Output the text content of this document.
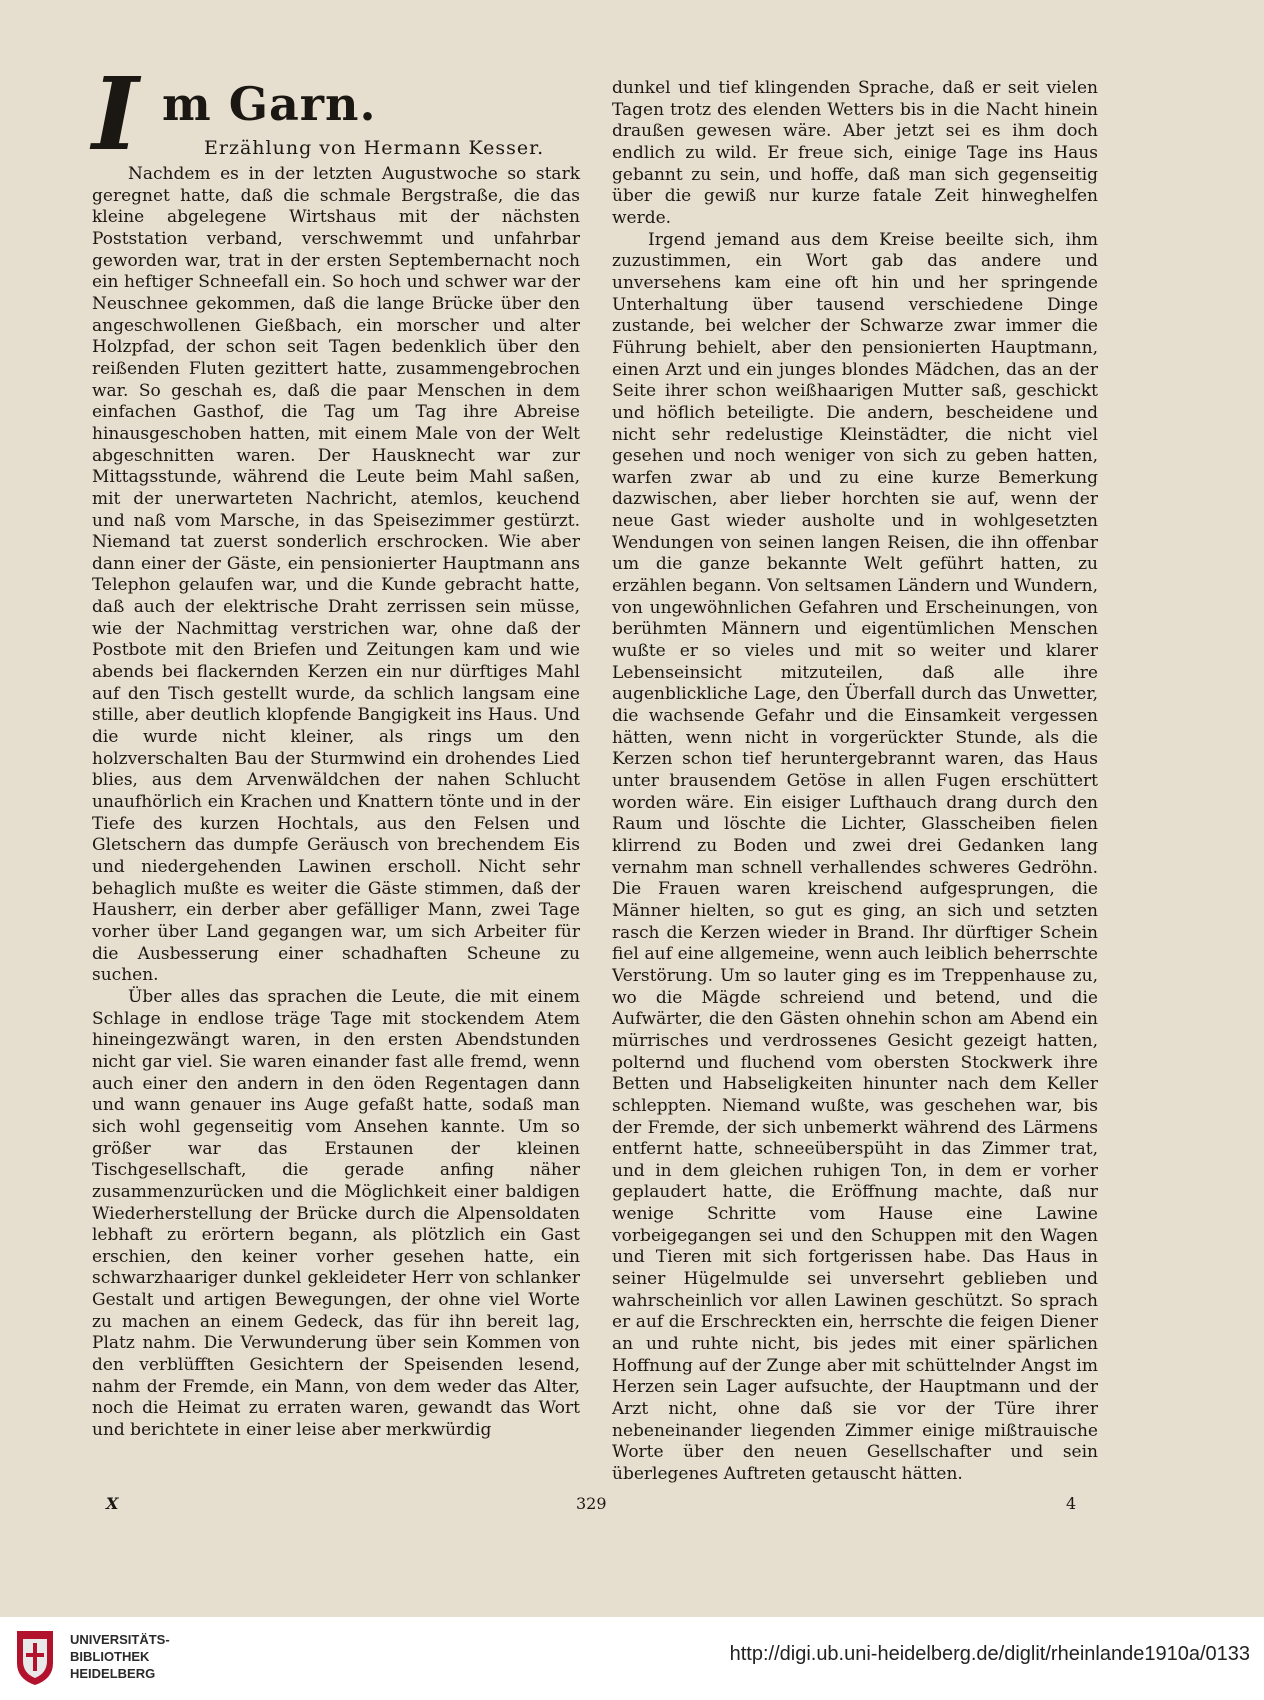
I m Garn.
Erzählung von Hermann Kesser.

Nachdem es in der letzten Augustwoche so stark geregnet hatte, daß die schmale Bergstraße, die das kleine abgelegene Wirtshaus mit der nächsten Poststation verband, verschwemmt und unfahrbar geworden war, trat in der ersten Septembernacht noch ein heftiger Schneefall ein. So hoch und schwer war der Neuschnee gekommen, daß die lange Brücke über den angeschwollenen Gießbach, ein morscher und alter Holzpfad, der schon seit Tagen bedenklich über den reißenden Fluten gezittert hatte, zusammengebrochen war. So geschah es, daß die paar Menschen in dem einfachen Gasthof, die Tag um Tag ihre Abreise hinausgeschoben hatten, mit einem Male von der Welt abgeschnitten waren. Der Hausknecht war zur Mittagsstunde, während die Leute beim Mahl saßen, mit der unerwarteten Nachricht, atemlos, keuchend und naß vom Marsche, in das Speisezimmer gestürzt. Niemand tat zuerst sonderlich erschrocken. Wie aber dann einer der Gäste, ein pensionierter Hauptmann ans Telephon gelaufen war, und die Kunde gebracht hatte, daß auch der elektrische Draht zerrissen sein müsse, wie der Nachmittag verstrichen war, ohne daß der Postbote mit den Briefen und Zeitungen kam und wie abends bei flackernden Kerzen ein nur dürftiges Mahl auf den Tisch gestellt wurde, da schlich langsam eine stille, aber deutlich klopfende Bangigkeit ins Haus. Und die wurde nicht kleiner, als rings um den holzverschalten Bau der Sturmwind ein drohendes Lied blies, aus dem Arvenwäldchen der nahen Schlucht unaufhörlich ein Krachen und Knattern tönte und in der Tiefe des kurzen Hochtals, aus den Felsen und Gletschern das dumpfe Geräusch von brechendem Eis und niedergehenden Lawinen erscholl. Nicht sehr behaglich mußte es weiter die Gäste stimmen, daß der Hausherr, ein derber aber gefälliger Mann, zwei Tage vorher über Land gegangen war, um sich Arbeiter für die Ausbesserung einer schadhaften Scheune zu suchen.

Über alles das sprachen die Leute, die mit einem Schlage in endlose träge Tage mit stockendem Atem hineingezwängt waren, in den ersten Abendstunden nicht gar viel. Sie waren einander fast alle fremd, wenn auch einer den andern in den öden Regentagen dann und wann genauer ins Auge gefaßt hatte, sodaß man sich wohl gegenseitig vom Ansehen kannte. Um so größer war das Erstaunen der kleinen Tischgesellschaft, die gerade anfing näher zusammenzurücken und die Möglichkeit einer baldigen Wiederherstellung der Brücke durch die Alpensoldaten lebhaft zu erörtern begann, als plötzlich ein Gast erschien, den keiner vorher gesehen hatte, ein schwarzhaariger dunkel gekleideter Herr von schlanker Gestalt und artigen Bewegungen, der ohne viel Worte zu machen an einem Gedeck, das für ihn bereit lag, Platz nahm. Die Verwunderung über sein Kommen von den verblüfften Gesichtern der Speisenden lesend, nahm der Fremde, ein Mann, von dem weder das Alter, noch die Heimat zu erraten waren, gewandt das Wort und berichtete in einer leise aber merkwürdig

dunkel und tief klingenden Sprache, daß er seit vielen Tagen trotz des elenden Wetters bis in die Nacht hinein draußen gewesen wäre. Aber jetzt sei es ihm doch endlich zu wild. Er freue sich, einige Tage ins Haus gebannt zu sein, und hoffe, daß man sich gegenseitig über die gewiß nur kurze fatale Zeit hinweghelfen werde.

Irgend jemand aus dem Kreise beeilte sich, ihm zuzustimmen, ein Wort gab das andere und unversehens kam eine oft hin und her springende Unterhaltung über tausend verschiedene Dinge zustande, bei welcher der Schwarze zwar immer die Führung behielt, aber den pensionierten Hauptmann, einen Arzt und ein junges blondes Mädchen, das an der Seite ihrer schon weißhaarigen Mutter saß, geschickt und höflich beteiligte. Die andern, bescheidene und nicht sehr redelustige Kleinstädter, die nicht viel gesehen und noch weniger von sich zu geben hatten, warfen zwar ab und zu eine kurze Bemerkung dazwischen, aber lieber horchten sie auf, wenn der neue Gast wieder ausholte und in wohlgesetzten Wendungen von seinen langen Reisen, die ihn offenbar um die ganze bekannte Welt geführt hatten, zu erzählen begann. Von seltsamen Ländern und Wundern, von ungewöhnlichen Gefahren und Erscheinungen, von berühmten Männern und eigentümlichen Menschen wußte er so vieles und mit so weiter und klarer Lebenseinsicht mitzuteilen, daß alle ihre augenblickliche Lage, den Überfall durch das Unwetter, die wachsende Gefahr und die Einsamkeit vergessen hätten, wenn nicht in vorgerückter Stunde, als die Kerzen schon tief heruntergebrannt waren, das Haus unter brausendem Getöse in allen Fugen erschüttert worden wäre. Ein eisiger Lufthauch drang durch den Raum und löschte die Lichter, Glasscheiben fielen klirrend zu Boden und zwei drei Gedanken lang vernahm man schnell verhallendes schweres Gedröhn. Die Frauen waren kreischend aufgesprungen, die Männer hielten, so gut es ging, an sich und setzten rasch die Kerzen wieder in Brand. Ihr dürftiger Schein fiel auf eine allgemeine, wenn auch leiblich beherrschte Verstörung. Um so lauter ging es im Treppenhause zu, wo die Mägde schreiend und betend, und die Aufwärter, die den Gästen ohnehin schon am Abend ein mürrisches und verdrossenes Gesicht gezeigt hatten, polternd und fluchend vom obersten Stockwerk ihre Betten und Habseligkeiten hinunter nach dem Keller schleppten. Niemand wußte, was geschehen war, bis der Fremde, der sich unbemerkt während des Lärmens entfernt hatte, schneeüberspüht in das Zimmer trat, und in dem gleichen ruhigen Ton, in dem er vorher geplaudert hatte, die Eröffnung machte, daß nur wenige Schritte vom Hause eine Lawine vorbeigegangen sei und den Schuppen mit den Wagen und Tieren mit sich fortgerissen habe. Das Haus in seiner Hügelmulde sei unversehrt geblieben und wahrscheinlich vor allen Lawinen geschützt. So sprach er auf die Erschreckten ein, herrschte die feigen Diener an und ruhte nicht, bis jedes mit einer spärlichen Hoffnung auf der Zunge aber mit schüttelnder Angst im Herzen sein Lager aufsuchte, der Hauptmann und der Arzt nicht, ohne daß sie vor der Türe ihrer nebeneinander liegenden Zimmer einige mißtrauische Worte über den neuen Gesellschafter und sein überlegenes Auftreten getauscht hätten.

X	329	4
UNIVERSITÄTS-
BIBLIOTHEK
HEIDELBERG
http://digi.ub.uni-heidelberg.de/diglit/rheinlande1910a/0133
